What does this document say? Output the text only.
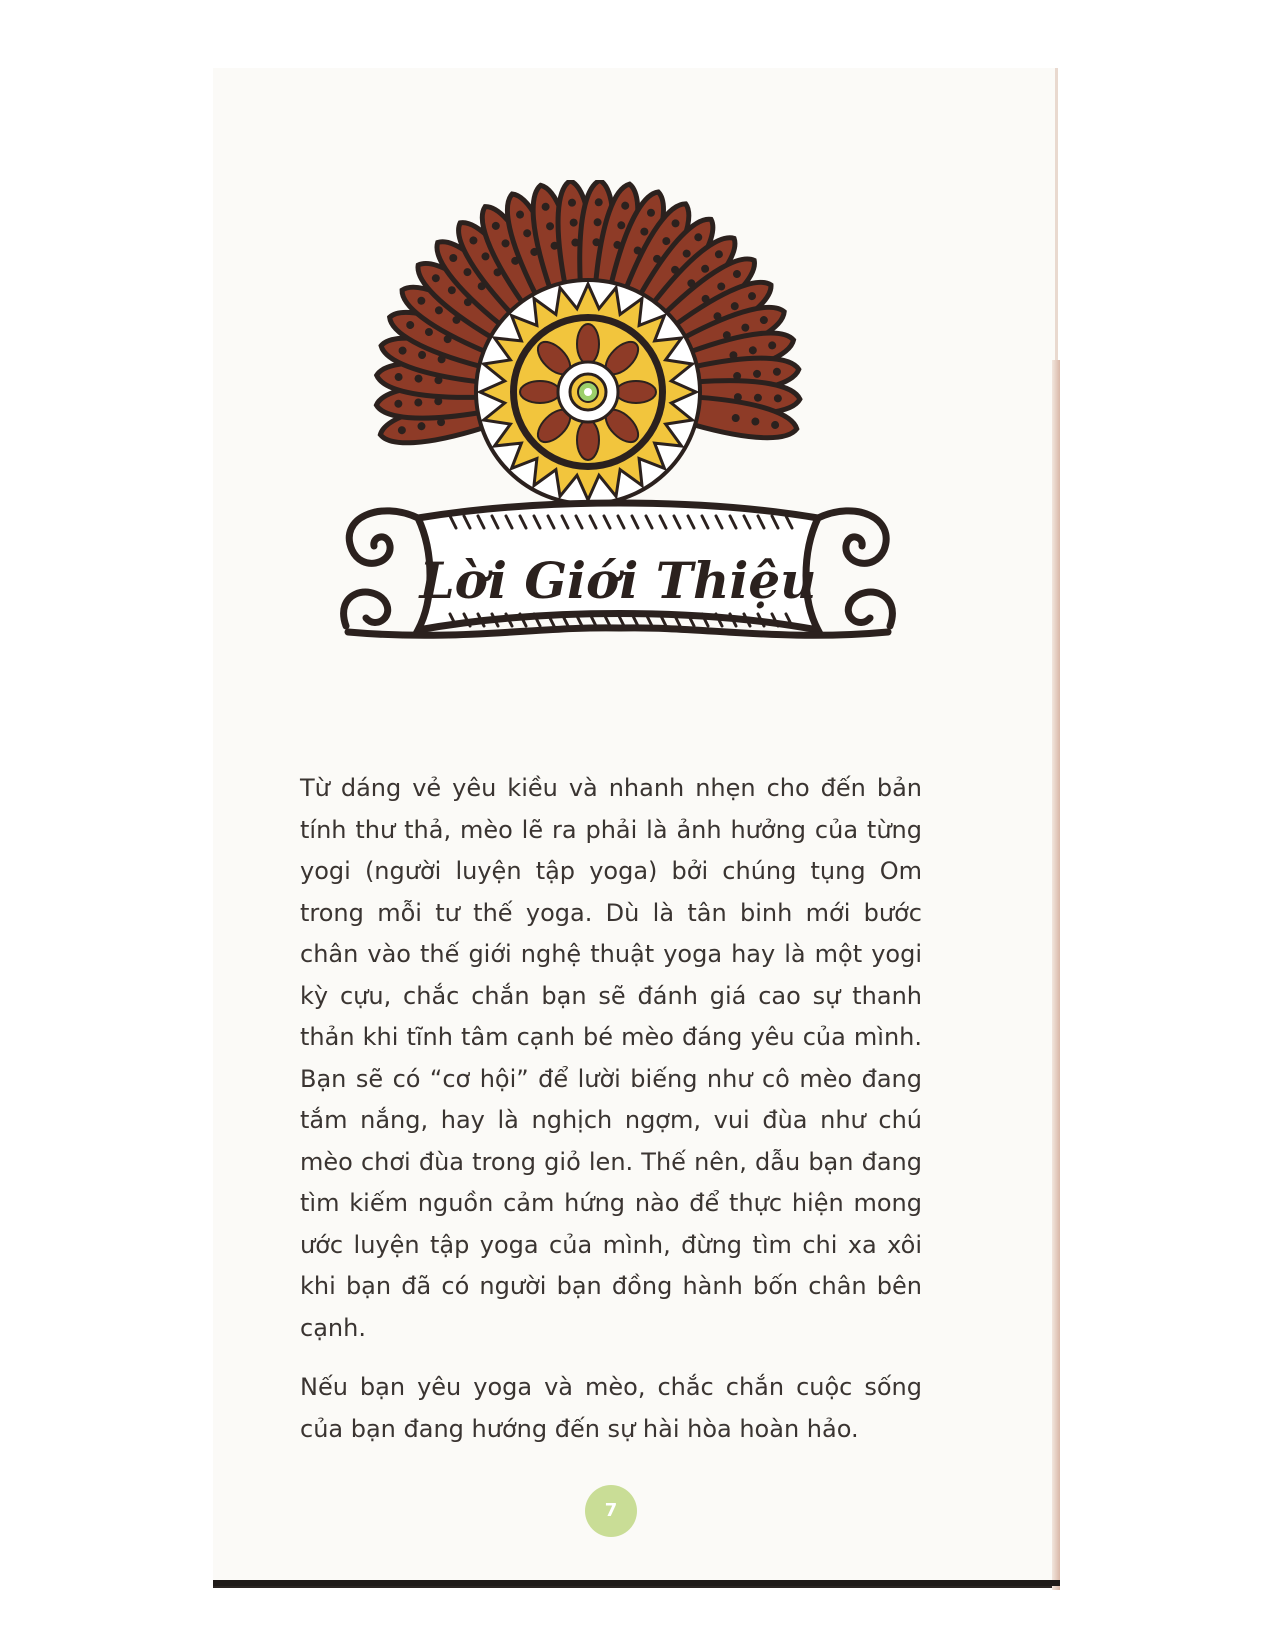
Lời Giới Thiệu

Từ dáng vẻ yêu kiều và nhanh nhẹn cho đến bản tính thư thả, mèo lẽ ra phải là ảnh hưởng của từng yogi (người luyện tập yoga) bởi chúng tụng Om trong mỗi tư thế yoga. Dù là tân binh mới bước chân vào thế giới nghệ thuật yoga hay là một yogi kỳ cựu, chắc chắn bạn sẽ đánh giá cao sự thanh thản khi tĩnh tâm cạnh bé mèo đáng yêu của mình. Bạn sẽ có “cơ hội” để lười biếng như cô mèo đang tắm nắng, hay là nghịch ngợm, vui đùa như chú mèo chơi đùa trong giỏ len. Thế nên, dẫu bạn đang tìm kiếm nguồn cảm hứng nào để thực hiện mong ước luyện tập yoga của mình, đừng tìm chi xa xôi khi bạn đã có người bạn đồng hành bốn chân bên cạnh.

Nếu bạn yêu yoga và mèo, chắc chắn cuộc sống của bạn đang hướng đến sự hài hòa hoàn hảo.

7
